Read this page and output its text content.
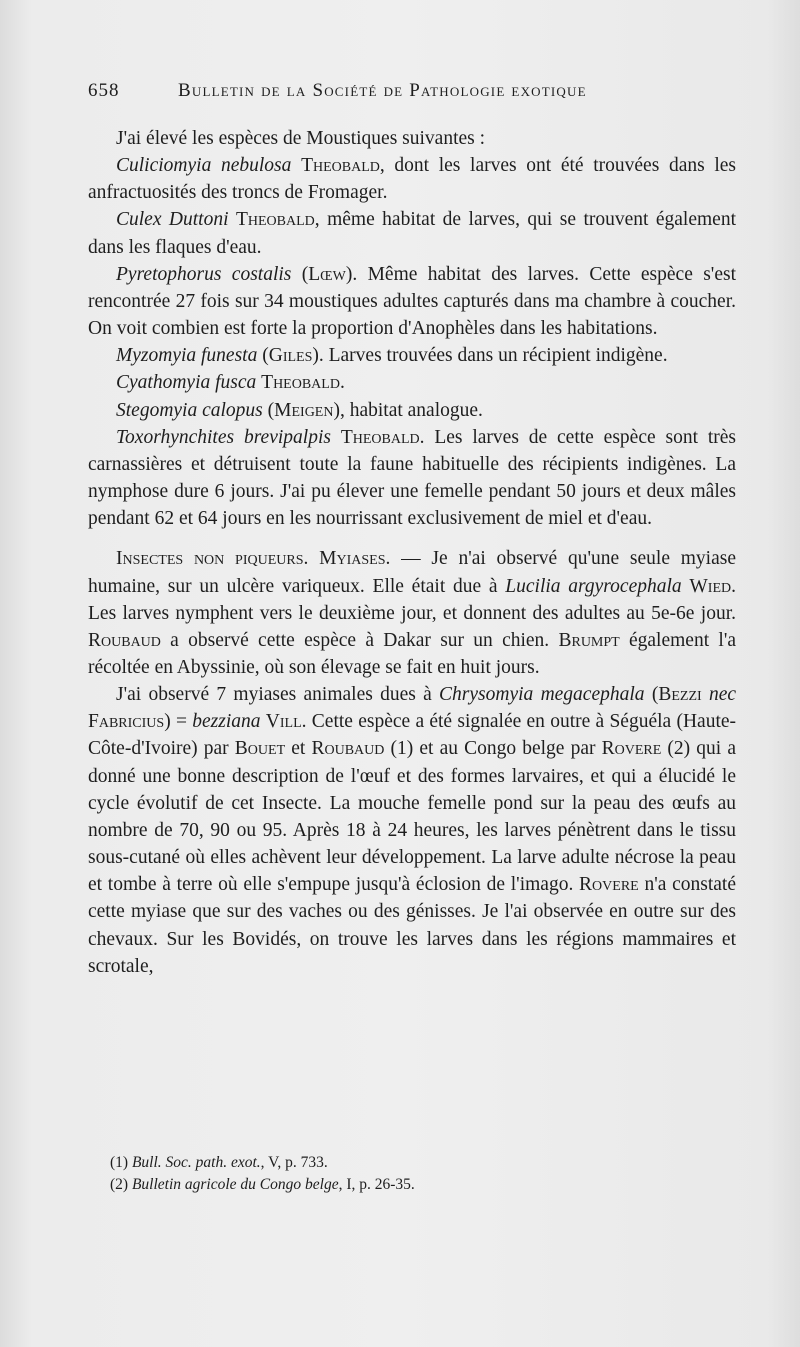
658	Bulletin de la Société de Pathologie exotique

J'ai élevé les espèces de Moustiques suivantes :

Culiciomyia nebulosa Theobald, dont les larves ont été trouvées dans les anfractuosités des troncs de Fromager.

Culex Duttoni Theobald, même habitat de larves, qui se trouvent également dans les flaques d'eau.

Pyretophorus costalis (Lœw). Même habitat des larves. Cette espèce s'est rencontrée 27 fois sur 34 moustiques adultes capturés dans ma chambre à coucher. On voit combien est forte la proportion d'Anophèles dans les habitations.

Myzomyia funesta (Giles). Larves trouvées dans un récipient indigène.

Cyathomyia fusca Theobald.

Stegomyia calopus (Meigen), habitat analogue.

Toxorhynchites brevipalpis Theobald. Les larves de cette espèce sont très carnassières et détruisent toute la faune habituelle des récipients indigènes. La nymphose dure 6 jours. J'ai pu élever une femelle pendant 50 jours et deux mâles pendant 62 et 64 jours en les nourrissant exclusivement de miel et d'eau.

Insectes non piqueurs. Myiases. — Je n'ai observé qu'une seule myiase humaine, sur un ulcère variqueux. Elle était due à Lucilia argyrocephala Wied. Les larves nymphent vers le deuxième jour, et donnent des adultes au 5e-6e jour. Roubaud a observé cette espèce à Dakar sur un chien. Brumpt également l'a récoltée en Abyssinie, où son élevage se fait en huit jours.

J'ai observé 7 myiases animales dues à Chrysomyia megacephala (Bezzi nec Fabricius) = bezziana Vill. Cette espèce a été signalée en outre à Séguéla (Haute-Côte-d'Ivoire) par Bouet et Roubaud (1) et au Congo belge par Rovere (2) qui a donné une bonne description de l'œuf et des formes larvaires, et qui a élucidé le cycle évolutif de cet Insecte. La mouche femelle pond sur la peau des œufs au nombre de 70, 90 ou 95. Après 18 à 24 heures, les larves pénètrent dans le tissu sous-cutané où elles achèvent leur développement. La larve adulte nécrose la peau et tombe à terre où elle s'empupe jusqu'à éclosion de l'imago. Rovere n'a constaté cette myiase que sur des vaches ou des génisses. Je l'ai observée en outre sur des chevaux. Sur les Bovidés, on trouve les larves dans les régions mammaires et scrotale,

(1) Bull. Soc. path. exot., V, p. 733.
(2) Bulletin agricole du Congo belge, I, p. 26-35.
